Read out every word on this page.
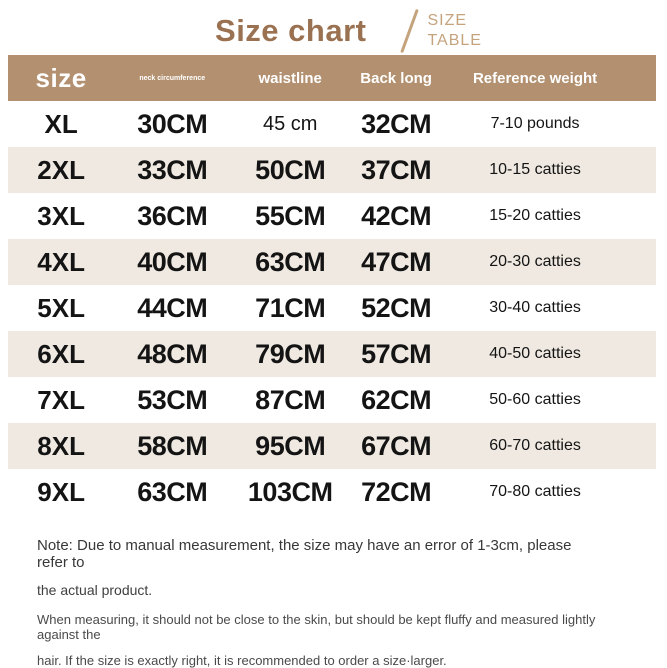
Size chart	SIZE
TABLE
size	neck circumference	waistline	Back long	Reference weight
XL	30CM	45 cm	32CM	7-10 pounds
2XL	33CM	50CM	37CM	10-15 catties
3XL	36CM	55CM	42CM	15-20 catties
4XL	40CM	63CM	47CM	20-30 catties
5XL	44CM	71CM	52CM	30-40 catties
6XL	48CM	79CM	57CM	40-50 catties
7XL	53CM	87CM	62CM	50-60 catties
8XL	58CM	95CM	67CM	60-70 catties
9XL	63CM	103CM	72CM	70-80 catties

Note: Due to manual measurement, the size may have an error of 1-3cm, please refer to

the actual product.

When measuring, it should not be close to the skin, but should be kept fluffy and measured lightly against the

hair. If the size is exactly right, it is recommended to order a size·larger.
